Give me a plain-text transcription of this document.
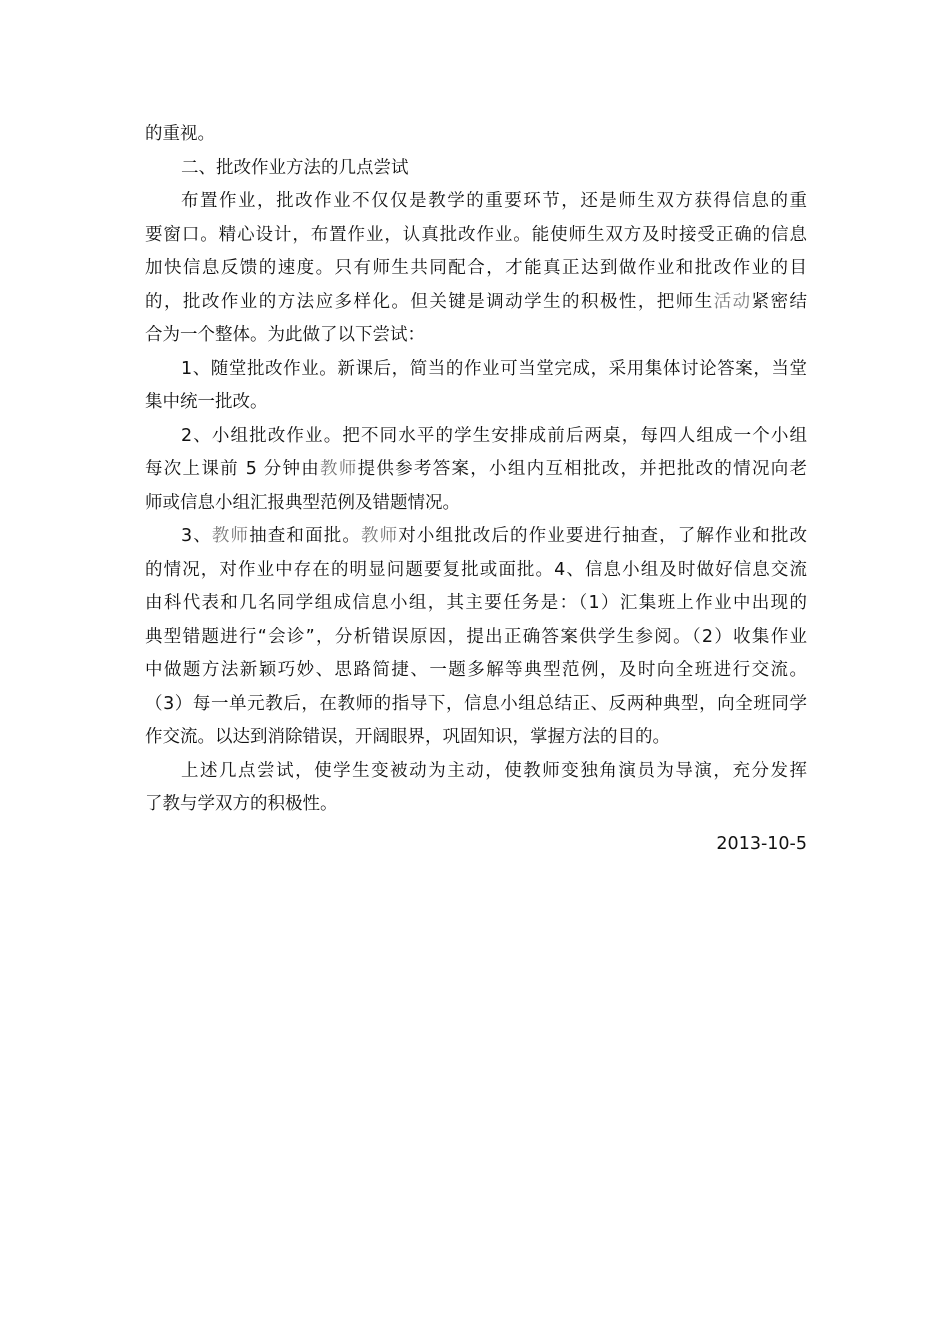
的重视。
二、批改作业方法的几点尝试
布置作业，批改作业不仅仅是教学的重要环节，还是师生双方获得信息的重
要窗口。精心设计，布置作业，认真批改作业。能使师生双方及时接受正确的信息
加快信息反馈的速度。只有师生共同配合，才能真正达到做作业和批改作业的目
的，批改作业的方法应多样化。但关键是调动学生的积极性，把师生活动紧密结
合为一个整体。为此做了以下尝试：
1、随堂批改作业。新课后，简当的作业可当堂完成，采用集体讨论答案，当堂
集中统一批改。
2、小组批改作业。把不同水平的学生安排成前后两桌，每四人组成一个小组
每次上课前 5 分钟由教师提供参考答案，小组内互相批改，并把批改的情况向老
师或信息小组汇报典型范例及错题情况。
3、教师抽查和面批。教师对小组批改后的作业要进行抽查，了解作业和批改
的情况，对作业中存在的明显问题要复批或面批。4、信息小组及时做好信息交流
由科代表和几名同学组成信息小组，其主要任务是：（1）汇集班上作业中出现的
典型错题进行“会诊”，分析错误原因，提出正确答案供学生参阅。（2）收集作业
中做题方法新颖巧妙、思路简捷、一题多解等典型范例，及时向全班进行交流。
（3）每一单元教后，在教师的指导下，信息小组总结正、反两种典型，向全班同学
作交流。以达到消除错误，开阔眼界，巩固知识，掌握方法的目的。
上述几点尝试，使学生变被动为主动，使教师变独角演员为导演，充分发挥
了教与学双方的积极性。
2013-10-5
